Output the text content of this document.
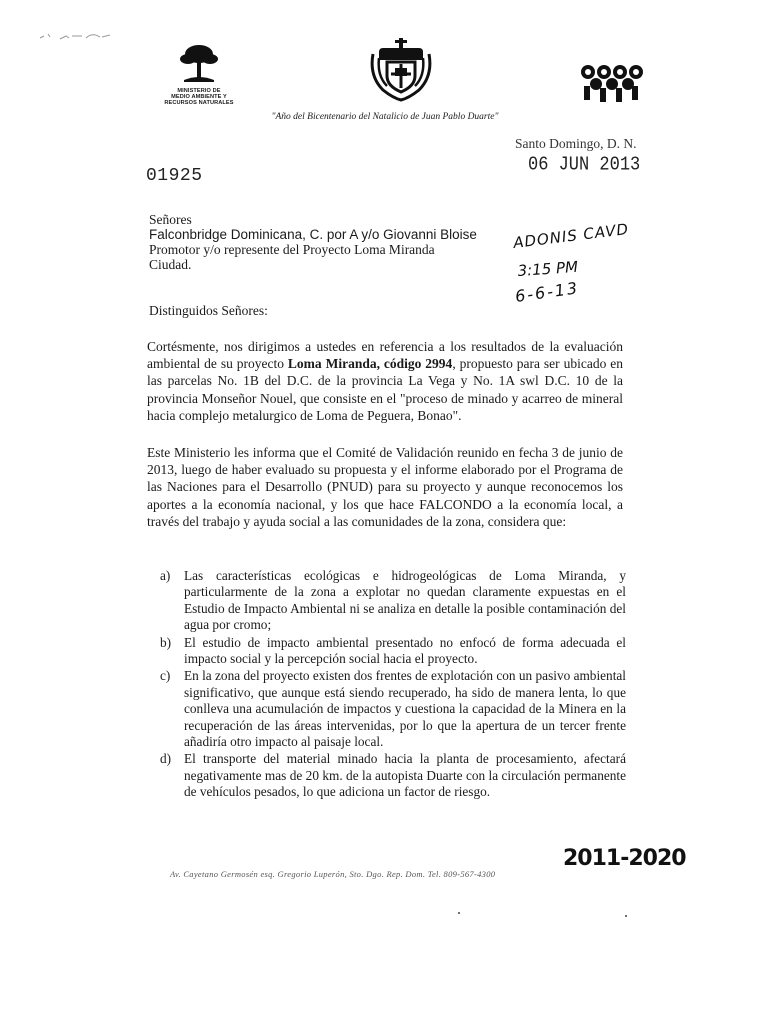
MINISTERIO DE
MEDIO AMBIENTE Y
RECURSOS NATURALES
"Año del Bicentenario del Natalicio de Juan Pablo Duarte"
Santo Domingo, D. N.
06 JUN 2013
01925
Señores
Falconbridge Dominicana, C. por A y/o Giovanni Bloise
Promotor y/o represente del Proyecto Loma Miranda
Ciudad.
ADONIS CAVD
3:15 PM
6-6-13
Distinguidos Señores:
Cortésmente, nos dirigimos a ustedes en referencia a los resultados de la evaluación ambiental de su proyecto Loma Miranda, código 2994, propuesto para ser ubicado en las parcelas No. 1B del D.C. de la provincia La Vega y No. 1A swl D.C. 10 de la provincia Monseñor Nouel, que consiste en el "proceso de minado y acarreo de mineral hacia complejo metalurgico de Loma de Peguera, Bonao".
Este Ministerio les informa que el Comité de Validación reunido en fecha 3 de junio de 2013, luego de haber evaluado su propuesta y el informe elaborado por el Programa de las Naciones para el Desarrollo (PNUD) para su proyecto y aunque reconocemos los aportes a la economía nacional, y los que hace FALCONDO a la economía local, a través del trabajo y ayuda social a las comunidades de la zona, considera que:
a) Las características ecológicas e hidrogeológicas de Loma Miranda, y particularmente de la zona a explotar no quedan claramente expuestas en el Estudio de Impacto Ambiental ni se analiza en detalle la posible contaminación del agua por cromo;
b) El estudio de impacto ambiental presentado no enfocó de forma adecuada el impacto social y la percepción social hacia el proyecto.
c) En la zona del proyecto existen dos frentes de explotación con un pasivo ambiental significativo, que aunque está siendo recuperado, ha sido de manera lenta, lo que conlleva una acumulación de impactos y cuestiona la capacidad de la Minera en la recuperación de las áreas intervenidas, por lo que la apertura de un tercer frente añadiría otro impacto al paisaje local.
d) El transporte del material minado hacia la planta de procesamiento, afectará negativamente mas de 20 km. de la autopista Duarte con la circulación permanente de vehículos pesados, lo que adiciona un factor de riesgo.
2011-2020
Av. Cayetano Germosén esq. Gregorio Luperón, Sto. Dgo. Rep. Dom. Tel. 809-567-4300
